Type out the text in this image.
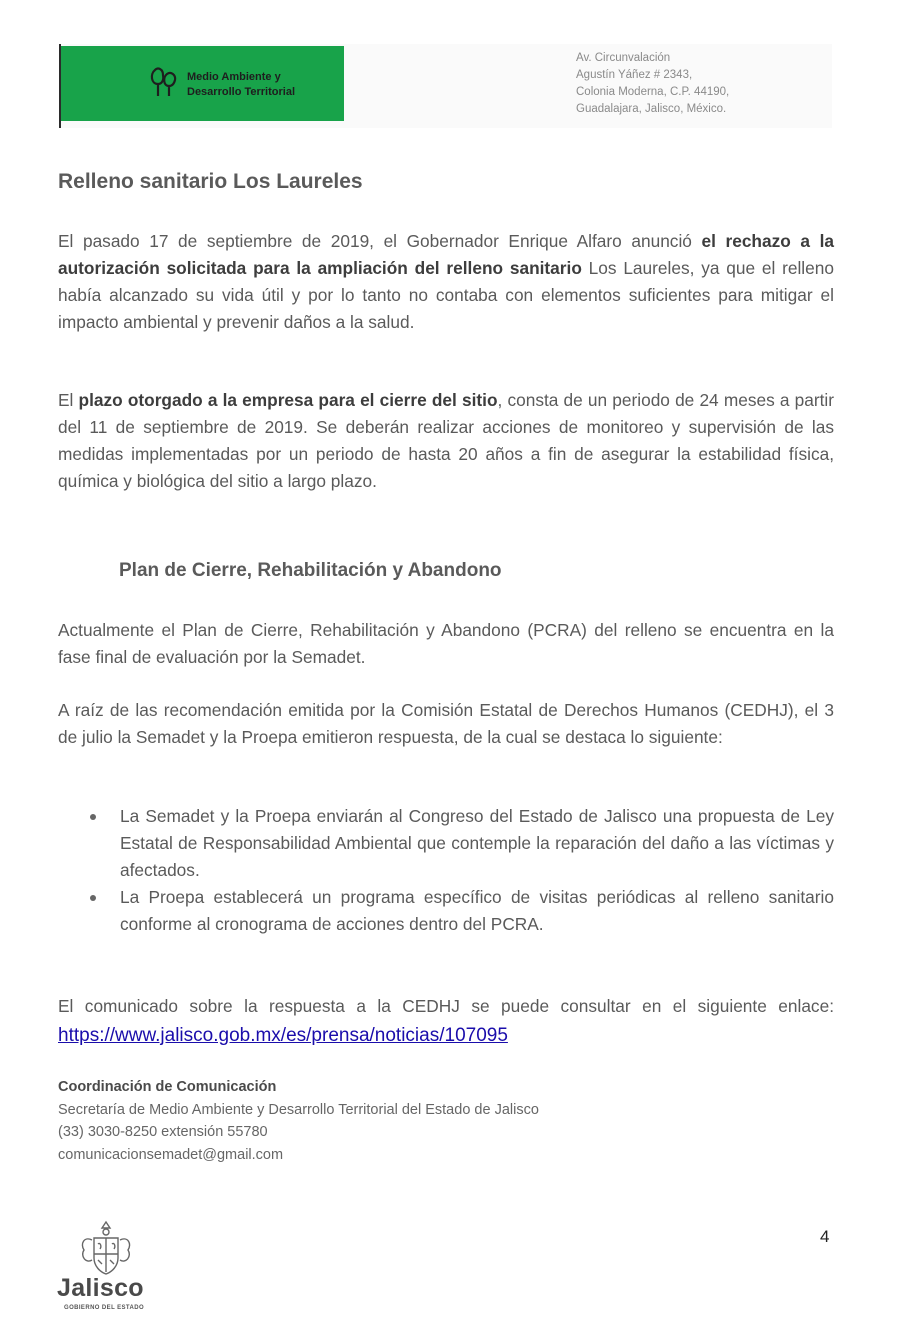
Medio Ambiente y
Desarrollo Territorial
Av. Circunvalación
Agustín Yáñez # 2343,
Colonia Moderna, C.P. 44190,
Guadalajara, Jalisco, México.
Relleno sanitario Los Laureles
El pasado 17 de septiembre de 2019, el Gobernador Enrique Alfaro anunció el rechazo a la autorización solicitada para la ampliación del relleno sanitario Los Laureles, ya que el relleno había alcanzado su vida útil y por lo tanto no contaba con elementos suficientes para mitigar el impacto ambiental y prevenir daños a la salud.
El plazo otorgado a la empresa para el cierre del sitio, consta de un periodo de 24 meses a partir del 11 de septiembre de 2019. Se deberán realizar acciones de monitoreo y supervisión de las medidas implementadas por un periodo de hasta 20 años a fin de asegurar la estabilidad física, química y biológica del sitio a largo plazo.
Plan de Cierre, Rehabilitación y Abandono
Actualmente el Plan de Cierre, Rehabilitación y Abandono (PCRA) del relleno se encuentra en la fase final de evaluación por la Semadet.
A raíz de las recomendación emitida por la Comisión Estatal de Derechos Humanos (CEDHJ), el 3 de julio la Semadet y la Proepa emitieron respuesta, de la cual se destaca lo siguiente:
La Semadet y la Proepa enviarán al Congreso del Estado de Jalisco una propuesta de Ley Estatal de Responsabilidad Ambiental que contemple la reparación del daño a las víctimas y afectados.
La Proepa establecerá un programa específico de visitas periódicas al relleno sanitario conforme al cronograma de acciones dentro del PCRA.
El comunicado sobre la respuesta a la CEDHJ se puede consultar en el siguiente enlace: https://www.jalisco.gob.mx/es/prensa/noticias/107095
Coordinación de Comunicación
Secretaría de Medio Ambiente y Desarrollo Territorial del Estado de Jalisco
(33) 3030-8250 extensión 55780
comunicacionsemadet@gmail.com
4
Jalisco
GOBIERNO DEL ESTADO
